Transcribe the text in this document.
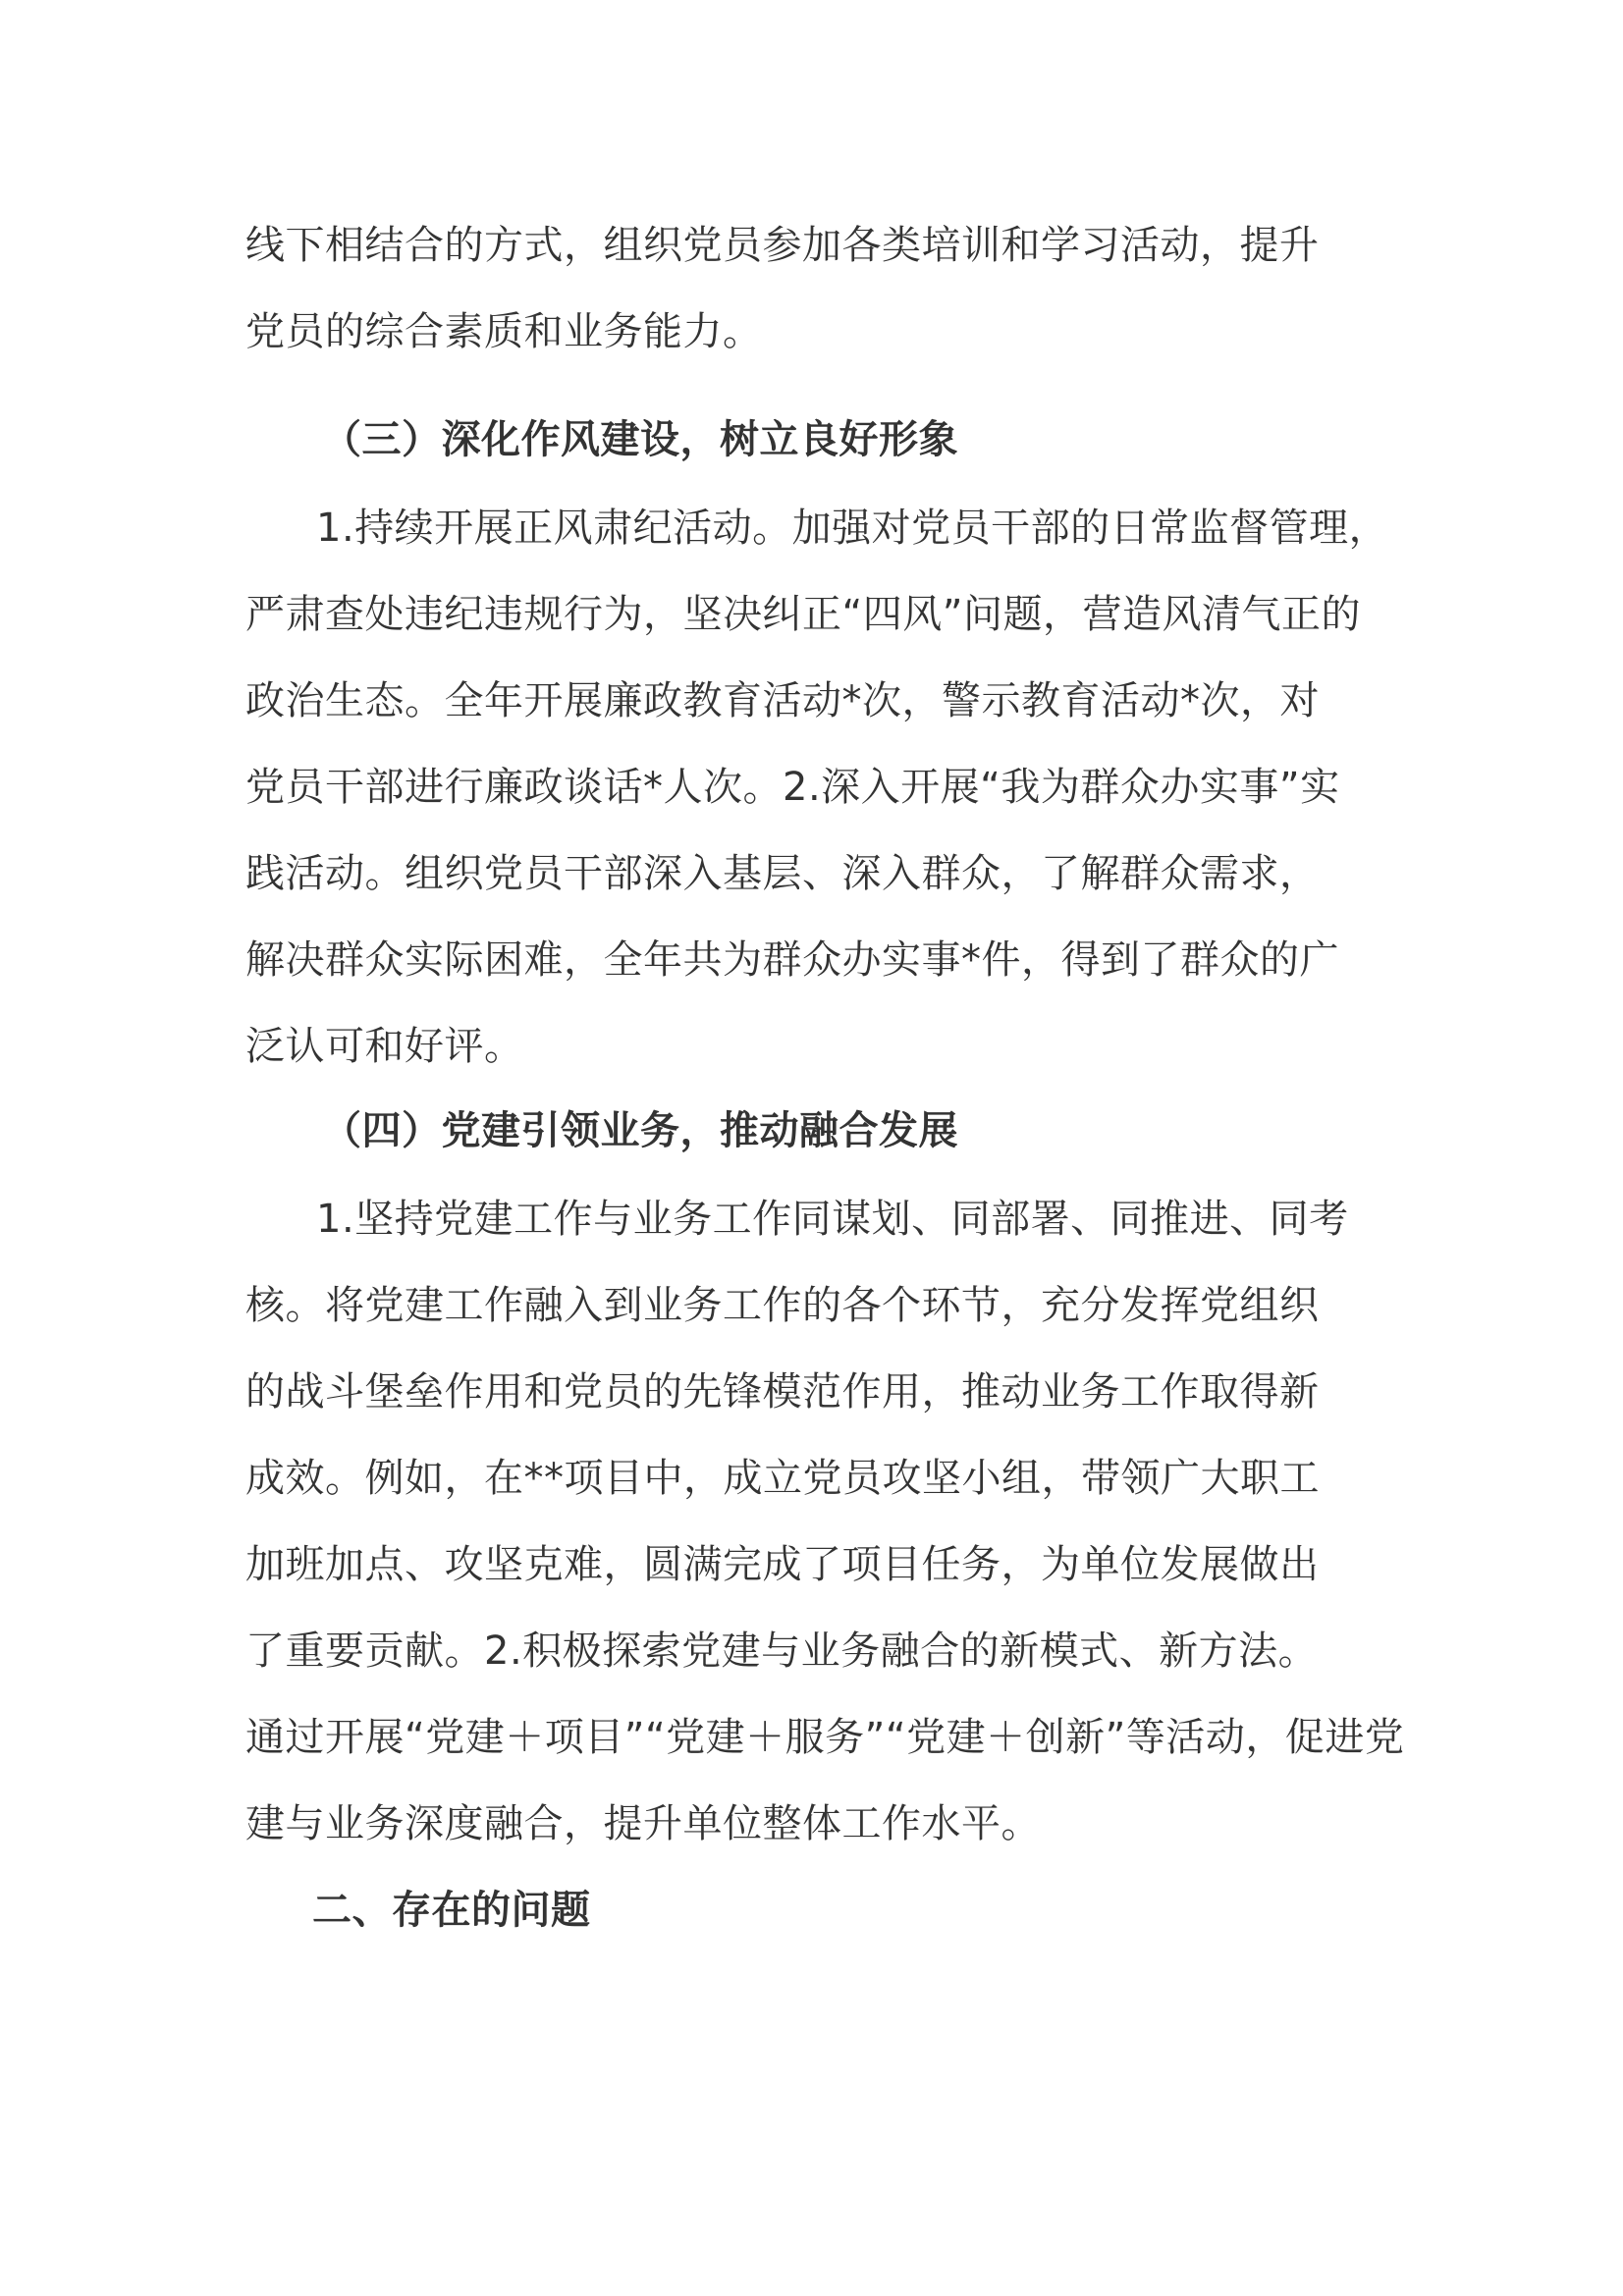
线下相结合的方式，组织党员参加各类培训和学习活动，提升
党员的综合素质和业务能力。
（三）深化作风建设，树立良好形象
1.持续开展正风肃纪活动。加强对党员干部的日常监督管理，
严肃查处违纪违规行为，坚决纠正“四风”问题，营造风清气正的
政治生态。全年开展廉政教育活动*次，警示教育活动*次，对
党员干部进行廉政谈话*人次。2.深入开展“我为群众办实事”实
践活动。组织党员干部深入基层、深入群众，了解群众需求，
解决群众实际困难，全年共为群众办实事*件，得到了群众的广
泛认可和好评。
（四）党建引领业务，推动融合发展
1.坚持党建工作与业务工作同谋划、同部署、同推进、同考
核。将党建工作融入到业务工作的各个环节，充分发挥党组织
的战斗堡垒作用和党员的先锋模范作用，推动业务工作取得新
成效。例如，在**项目中，成立党员攻坚小组，带领广大职工
加班加点、攻坚克难，圆满完成了项目任务，为单位发展做出
了重要贡献。2.积极探索党建与业务融合的新模式、新方法。
通过开展“党建＋项目”“党建＋服务”“党建＋创新”等活动，促进党
建与业务深度融合，提升单位整体工作水平。
二、存在的问题
